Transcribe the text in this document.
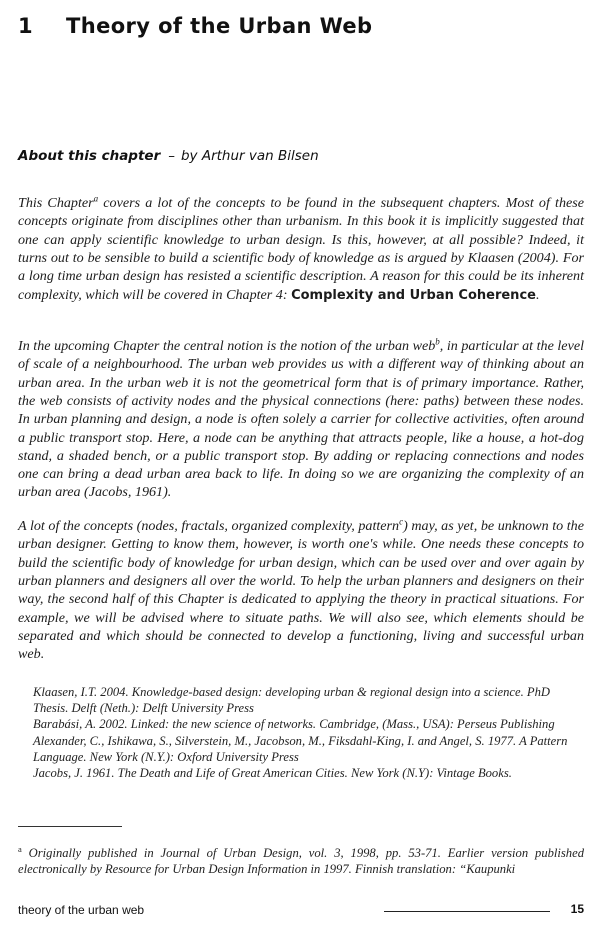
1 Theory of the Urban Web
About this chapter – by Arthur van Bilsen

This Chapter$^a$ covers a lot of the concepts to be found in the subsequent chapters. Most of these concepts originate from disciplines other than urbanism. In this book it is implicitly suggested that one can apply scientific knowledge to urban design. Is this, however, at all possible? Indeed, it turns out to be sensible to build a scientific body of knowledge as is argued by Klaasen (2004). For a long time urban design has resisted a scientific description. A reason for this could be its inherent complexity, which will be covered in Chapter 4: Complexity and Urban Coherence.

In the upcoming Chapter the central notion is the notion of the urban web$^b$, in particular at the level of scale of a neighbourhood. The urban web provides us with a different way of thinking about an urban area. In the urban web it is not the geometrical form that is of primary importance. Rather, the web consists of activity nodes and the physical connections (here: paths) between these nodes. In urban planning and design, a node is often solely a carrier for collective activities, often around a public transport stop. Here, a node can be anything that attracts people, like a house, a hot-dog stand, a shaded bench, or a public transport stop. By adding or replacing connections and nodes one can bring a dead urban area back to life. In doing so we are organizing the complexity of an urban area (Jacobs, 1961).

A lot of the concepts (nodes, fractals, organized complexity, pattern$^c$) may, as yet, be unknown to the urban designer. Getting to know them, however, is worth one's while. One needs these concepts to build the scientific body of knowledge for urban design, which can be used over and over again by urban planners and designers all over the world. To help the urban planners and designers on their way, the second half of this Chapter is dedicated to applying the theory in practical situations. For example, we will be advised where to situate paths. We will also see, which elements should be separated and which should be connected to develop a functioning, living and successful urban web.

Klaasen, I.T. 2004. Knowledge-based design: developing urban & regional design into a science. PhD Thesis. Delft (Neth.): Delft University Press

Barabási, A. 2002. Linked: the new science of networks. Cambridge, (Mass., USA): Perseus Publishing

Alexander, C., Ishikawa, S., Silverstein, M., Jacobson, M., Fiksdahl-King, I. and Angel, S. 1977. A Pattern Language. New York (N.Y.): Oxford University Press

Jacobs, J. 1961. The Death and Life of Great American Cities. New York (N.Y): Vintage Books.

$^a$ Originally published in Journal of Urban Design, vol. 3, 1998, pp. 53-71. Earlier version published electronically by Resource for Urban Design Information in 1997. Finnish translation: “Kaupunki

theory of the urban web	15
